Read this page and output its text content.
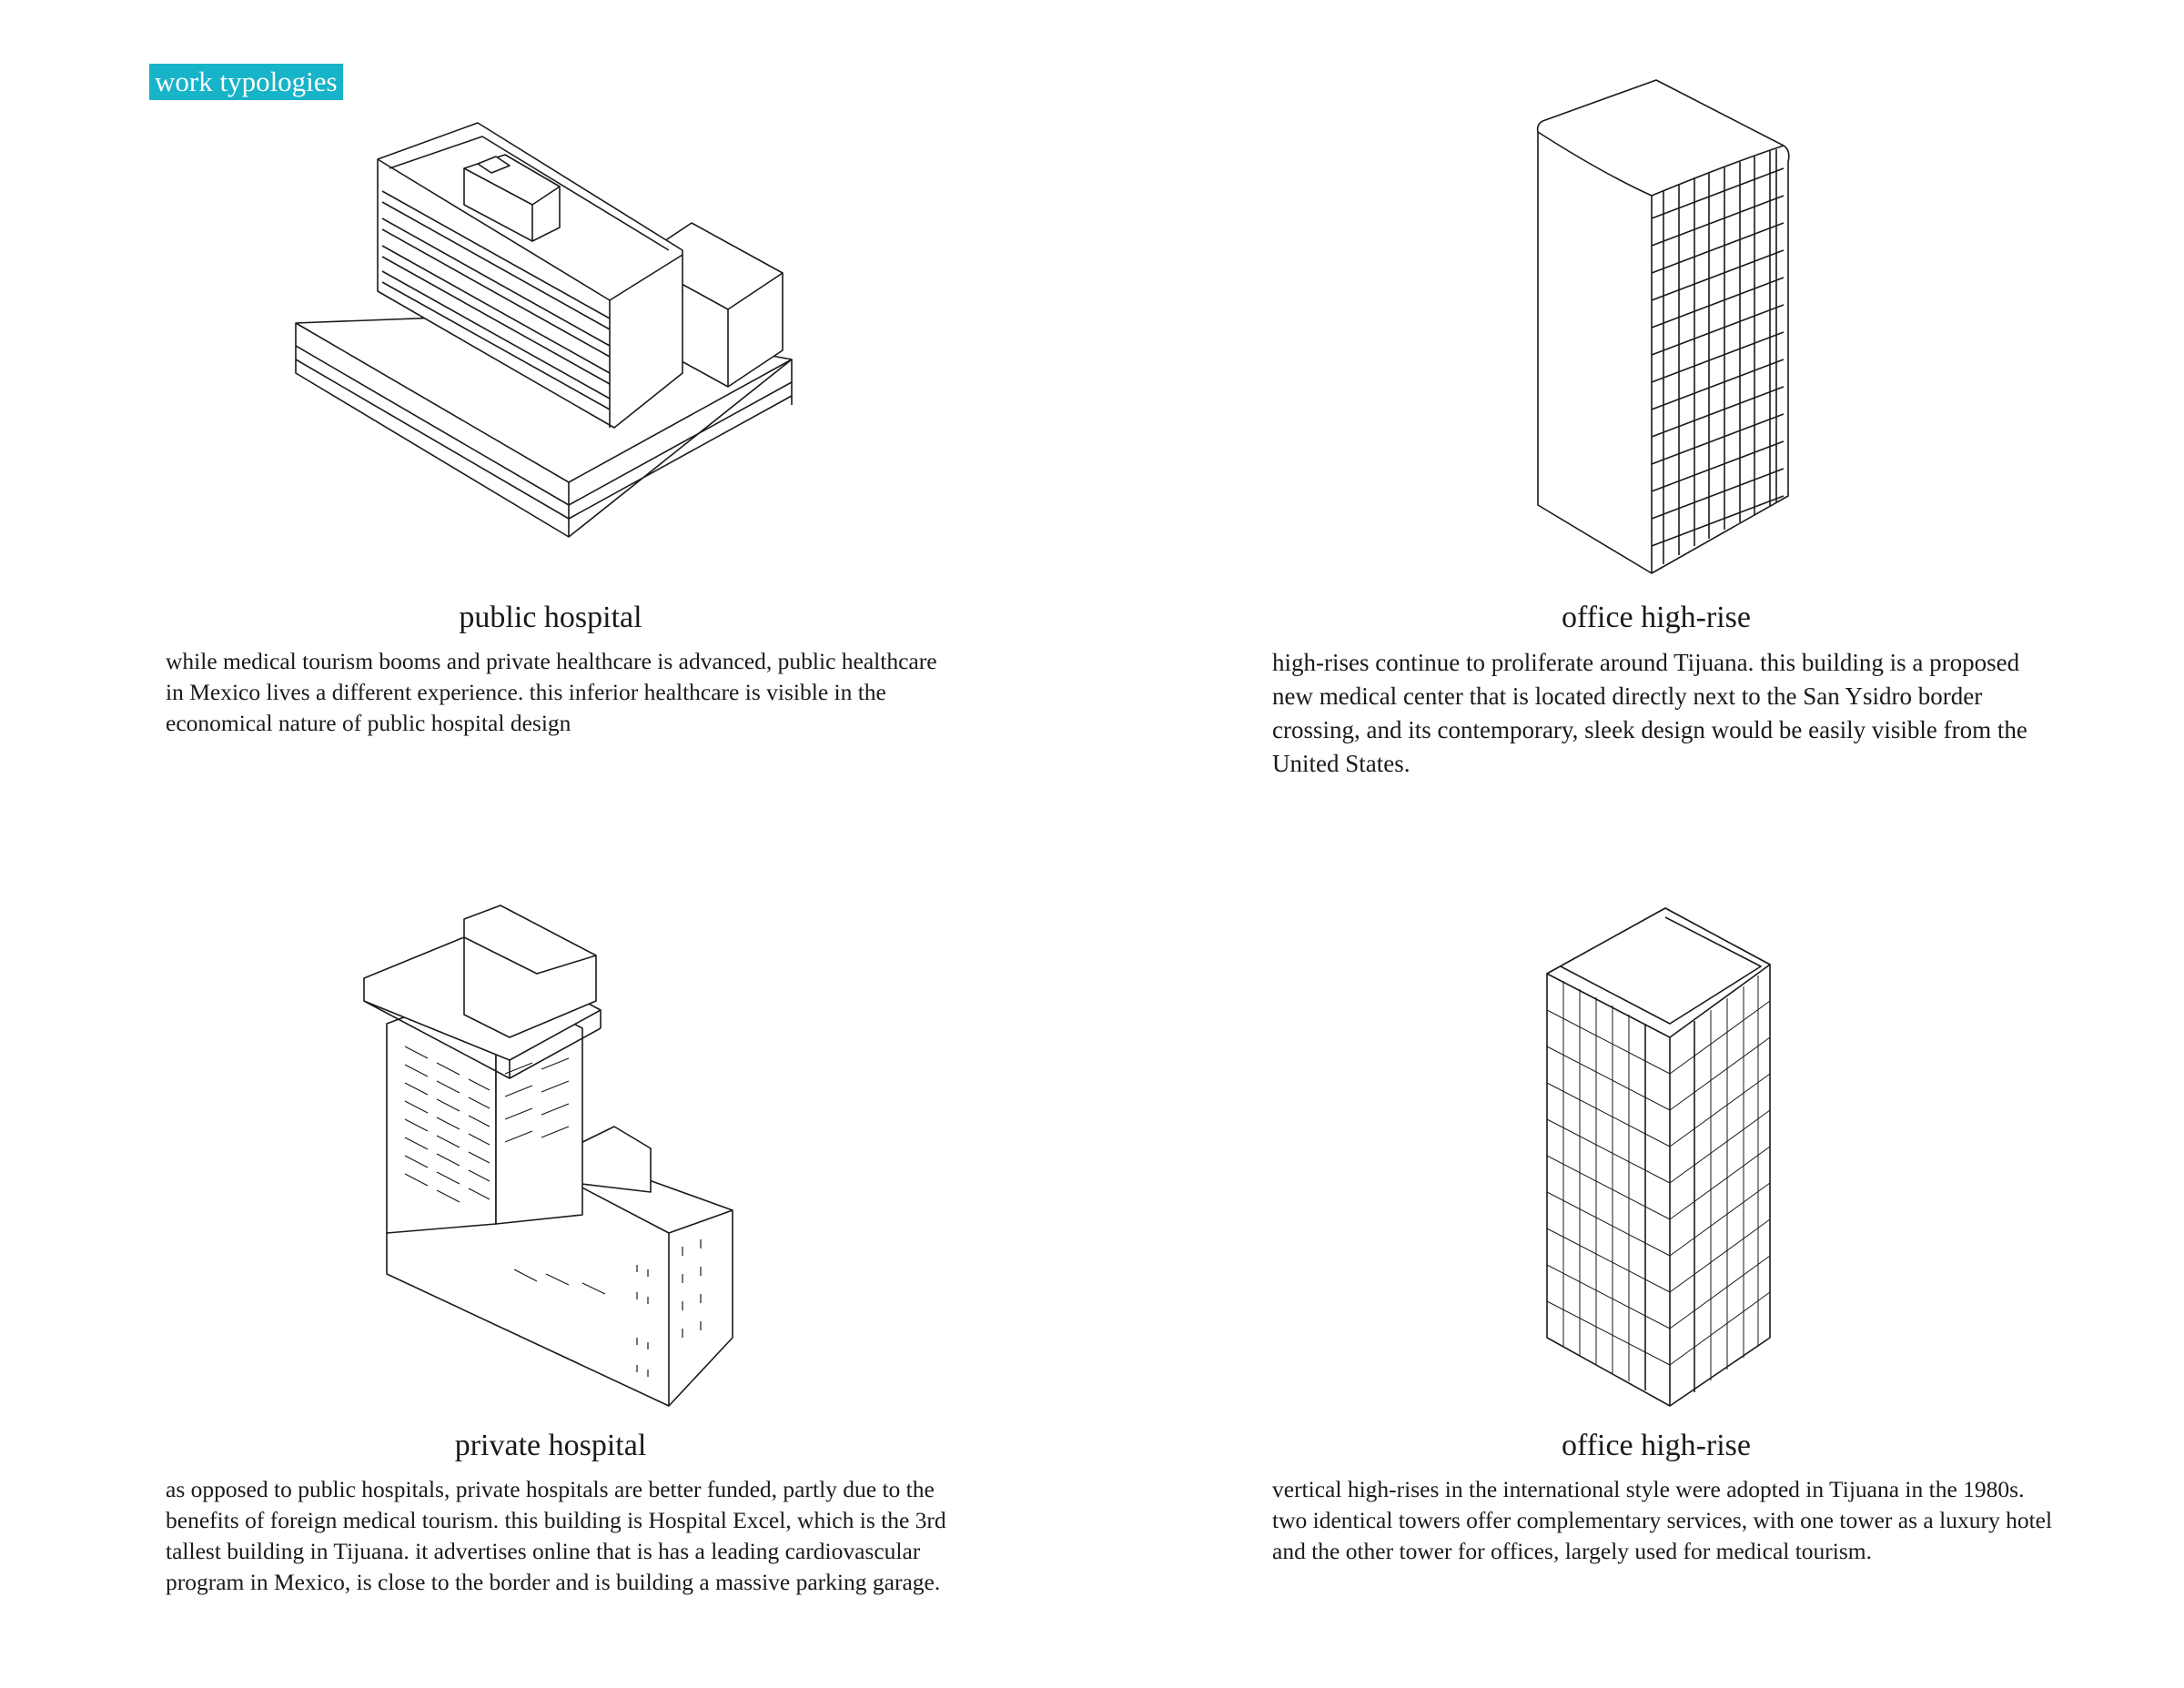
work typologies
public hospital
while medical tourism booms and private healthcare is advanced, public healthcare in Mexico lives a different experience. this inferior healthcare is visible in the economical nature of public hospital design
office high-rise
high-rises continue to proliferate around Tijuana. this building is a proposed new medical center that is located directly next to the San Ysidro border crossing, and its contemporary, sleek design would be easily visible from the United States.
private hospital
as opposed to public hospitals, private hospitals are better funded, partly due to the benefits of foreign medical tourism. this building is Hospital Excel, which is the 3rd tallest building in Tijuana. it advertises online that is has a leading cardiovascular program in Mexico, is close to the border and is building a massive parking garage.
office high-rise
vertical high-rises in the international style were adopted in Tijuana in the 1980s. two identical towers offer complementary services, with one tower as a luxury hotel and the other tower for offices, largely used for medical tourism.
